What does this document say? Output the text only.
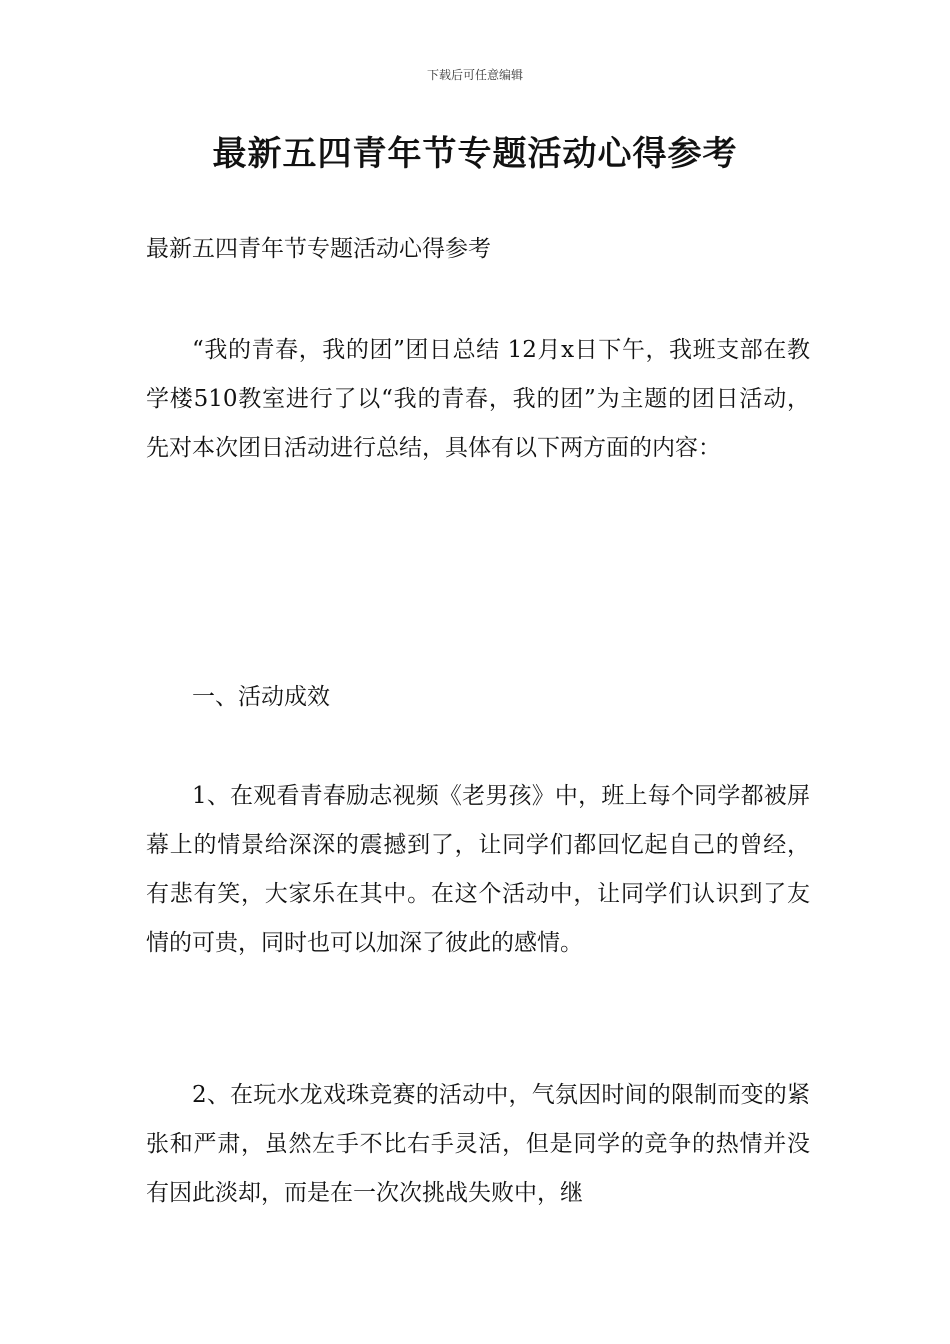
下载后可任意编辑
最新五四青年节专题活动心得参考

最新五四青年节专题活动心得参考

“我的青春，我的团”团日总结 12月x日下午，我班支部在教学楼510教室进行了以“我的青春，我的团”为主题的团日活动，先对本次团日活动进行总结，具体有以下两方面的内容：

一、活动成效

1、在观看青春励志视频《老男孩》中，班上每个同学都被屏幕上的情景给深深的震撼到了，让同学们都回忆起自己的曾经，有悲有笑，大家乐在其中。在这个活动中，让同学们认识到了友情的可贵，同时也可以加深了彼此的感情。

2、在玩水龙戏珠竞赛的活动中，气氛因时间的限制而变的紧张和严肃，虽然左手不比右手灵活，但是同学的竞争的热情并没有因此淡却，而是在一次次挑战失败中，继
